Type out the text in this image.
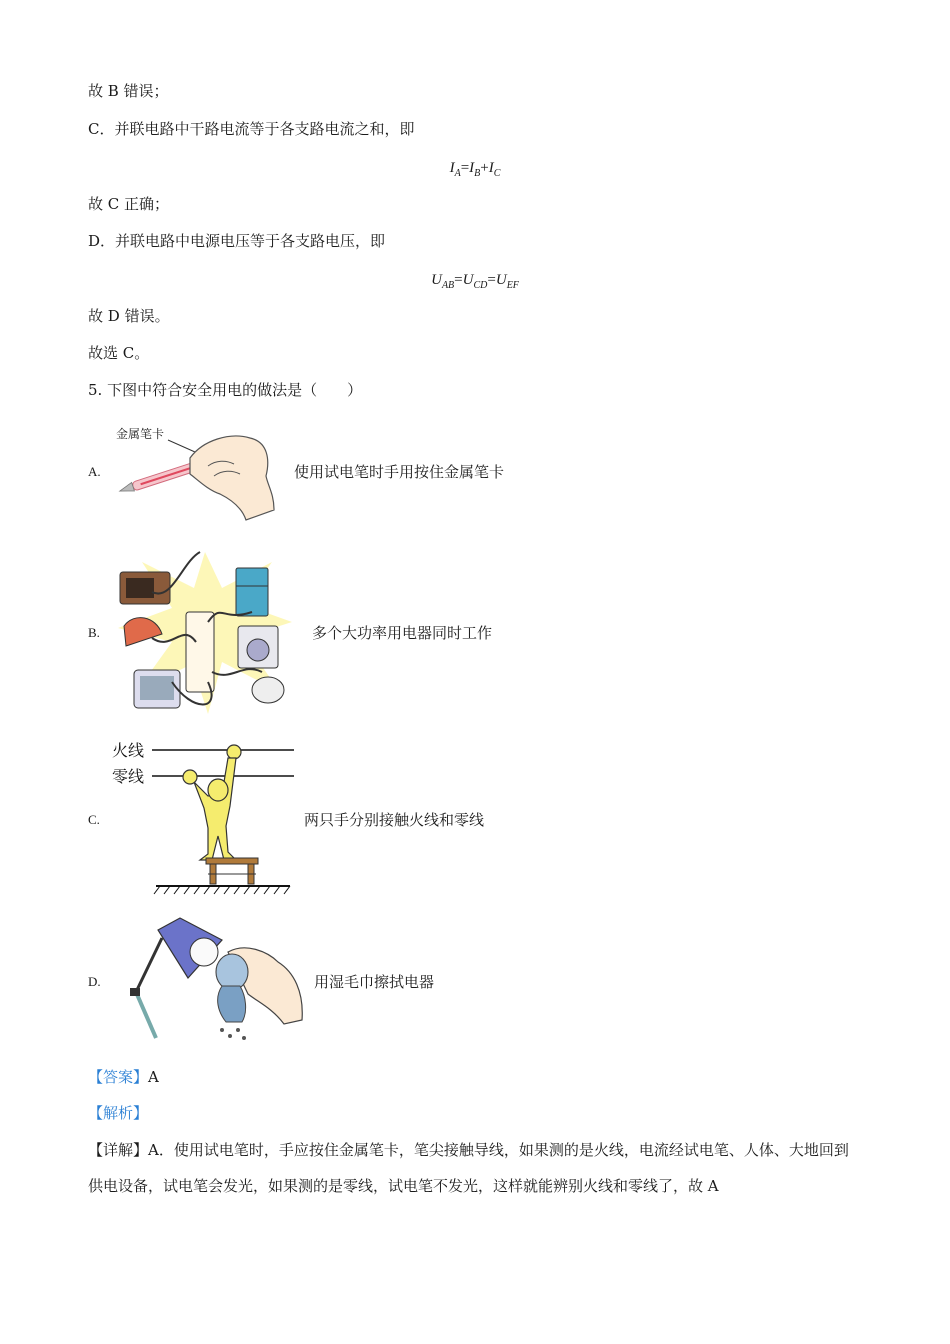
故 B 错误；
C．并联电路中干路电流等于各支路电流之和，即
$I_A=I_B+I_C$
故 C 正确；
D．并联电路中电源电压等于各支路电压，即
$U_{AB}=U_{CD}=U_{EF}$
故 D 错误。
故选 C。
5. 下图中符合安全用电的做法是（　　）
A.
金属笔卡
使用试电笔时手用按住金属笔卡
B.	多个大功率用电器同时工作
C.
火线
零线
两只手分别接触火线和零线
D.	用湿毛巾擦拭电器
【答案】A
【解析】
【详解】A．使用试电笔时，手应按住金属笔卡，笔尖接触导线，如果测的是火线，电流经试电笔、人体、大地回到供电设备，试电笔会发光，如果测的是零线，试电笔不发光，这样就能辨别火线和零线了，故 A
